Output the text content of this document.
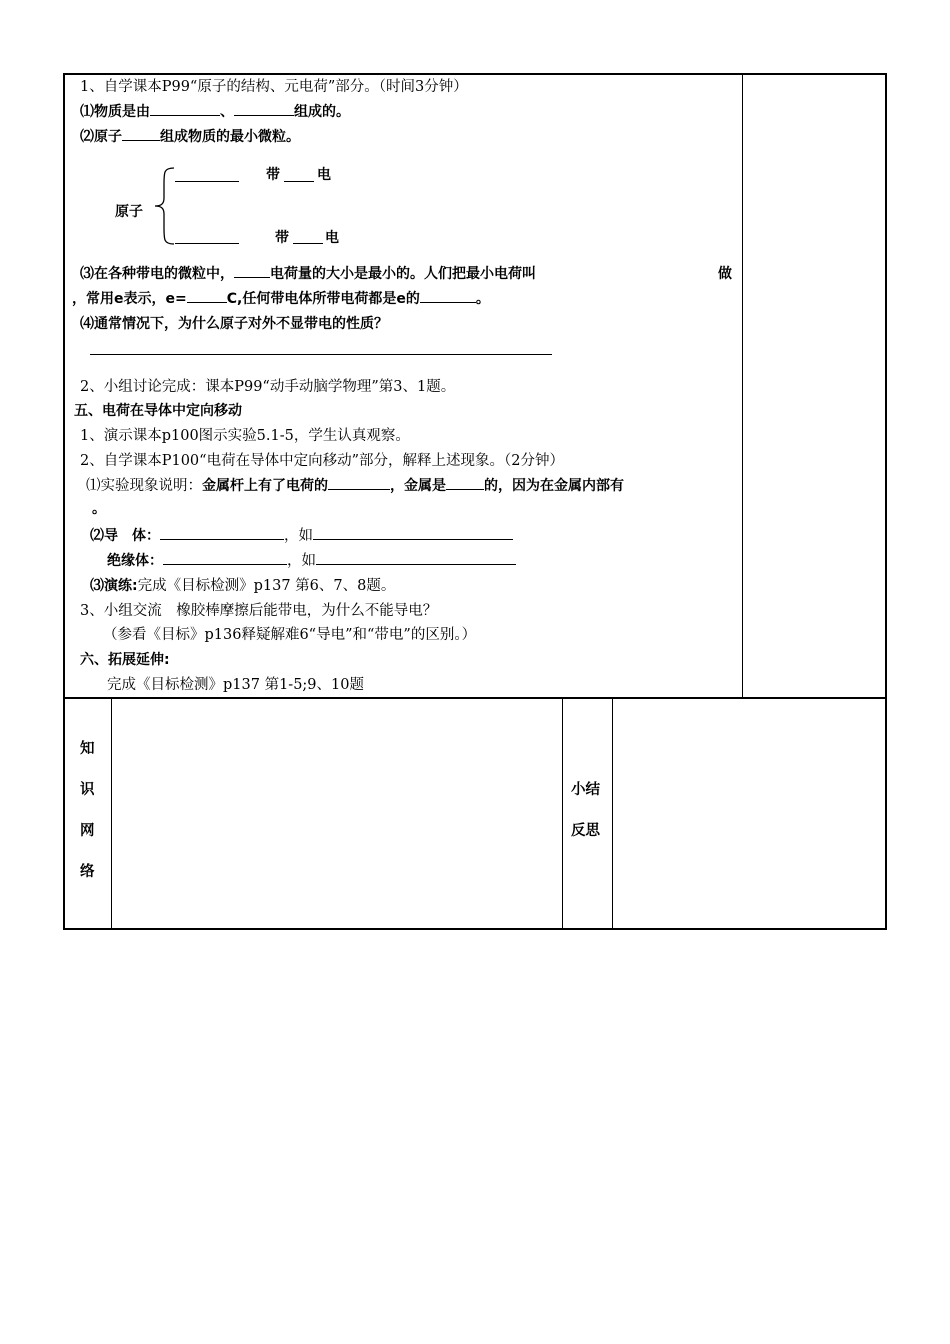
1、自学课本P99“原子的结构、元电荷”部分。（时间3分钟）
⑴物质是由	、	组成的。
⑵原子	组成物质的最小微粒。
原子
带	电
带	电
⑶在各种带电的微粒中，	电荷量的大小是最小的。人们把最小电荷叫	做
，常用e表示，e=	C,任何带电体所带电荷都是e的	。
⑷通常情况下，为什么原子对外不显带电的性质？
2、小组讨论完成：课本P99“动手动脑学物理”第3、1题。
五、电荷在导体中定向移动
1、演示课本p100图示实验5.1-5，学生认真观察。
2、自学课本P100“电荷在导体中定向移动”部分，解释上述现象。（2分钟）
⑴实验现象说明：金属杆上有了电荷的	，金属是	的，因为在金属内部有
。
⑵导　体：	，如
绝缘体：	，如
⑶演练:完成《目标检测》p137 第6、7、8题。
3、小组交流　橡胶棒摩擦后能带电，为什么不能导电？
（参看《目标》p136释疑解难6“导电”和“带电”的区别。）
六、拓展延伸:
完成《目标检测》p137 第1-5;9、10题
知
识
网
络
小结
反思
